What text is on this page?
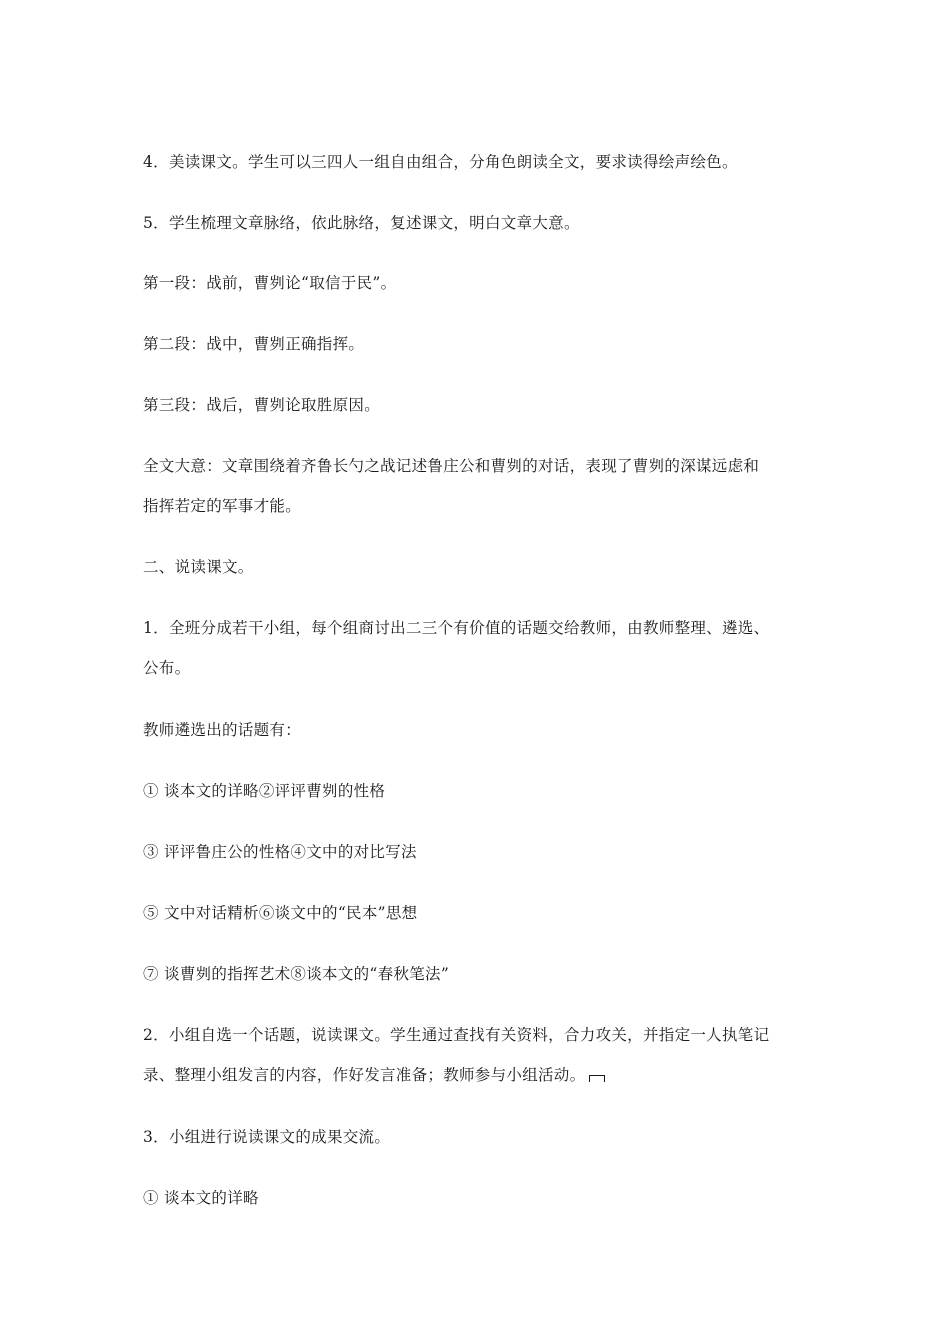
4．美读课文。学生可以三四人一组自由组合，分角色朗读全文，要求读得绘声绘色。
5．学生梳理文章脉络，依此脉络，复述课文，明白文章大意。
第一段：战前，曹刿论“取信于民”。
第二段：战中，曹刿正确指挥。
第三段：战后，曹刿论取胜原因。
全文大意：文章围绕着齐鲁长勺之战记述鲁庄公和曹刿的对话，表现了曹刿的深谋远虑和
指挥若定的军事才能。
二、说读课文。
1．全班分成若干小组，每个组商讨出二三个有价值的话题交给教师，由教师整理、遴选、
公布。
教师遴选出的话题有：
① 谈本文的详略②评评曹刿的性格
③ 评评鲁庄公的性格④文中的对比写法
⑤ 文中对话精析⑥谈文中的“民本”思想
⑦ 谈曹刿的指挥艺术⑧谈本文的“春秋笔法”
2．小组自选一个话题，说读课文。学生通过查找有关资料，合力攻关，并指定一人执笔记
录、整理小组发言的内容，作好发言准备；教师参与小组活动。
3．小组进行说读课文的成果交流。
① 谈本文的详略
